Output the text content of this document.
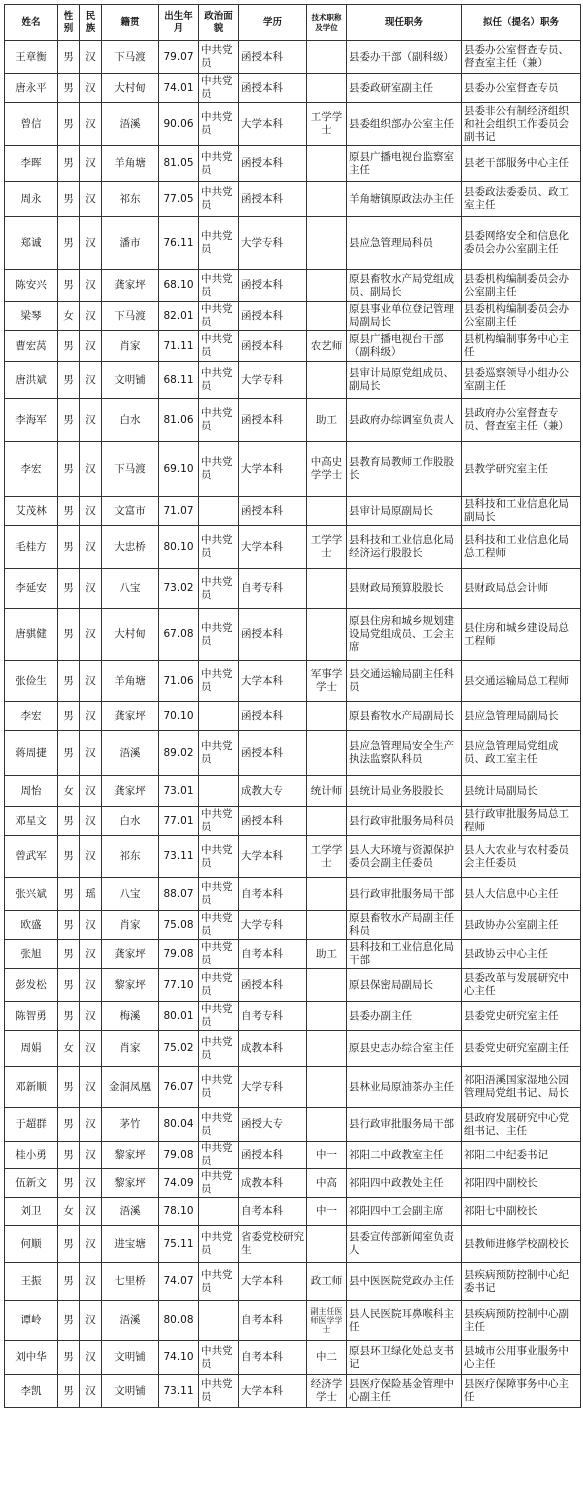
姓名	性别	民族	籍贯	出生年月	政治面貌	学历	技术职称及学位	现任职务	拟任（提名）职务
王章衡	男	汉	下马渡	79.07	中共党员	函授本科		县委办干部（副科级）	县委办公室督查专员、督查室主任（兼）
唐永平	男	汉	大村甸	74.01	中共党员	函授本科		县委政研室副主任	县委办公室督查专员
曾信	男	汉	浯溪	90.06	中共党员	大学本科	工学学士	县委组织部办公室主任	县委非公有制经济组织和社会组织工作委员会副书记
李晖	男	汉	羊角塘	81.05	中共党员	函授本科		原县广播电视台监察室主任	县老干部服务中心主任
周永	男	汉	祁东	77.05	中共党员	函授本科		羊角塘镇原政法办主任	县委政法委委员、政工室主任
郑诚	男	汉	潘市	76.11	中共党员	大学专科		县应急管理局科员	县委网络安全和信息化委员会办公室副主任
陈安兴	男	汉	龚家坪	68.10	中共党员	函授本科		原县畜牧水产局党组成员、副局长	县委机构编制委员会办公室副主任
梁琴	女	汉	下马渡	82.01	中共党员	函授本科		原县事业单位登记管理局副局长	县委机构编制委员会办公室副主任
曹宏莴	男	汉	肖家	71.11	中共党员	函授本科	农艺师	原县广播电视台干部（副科级）	县机构编制事务中心主任
唐洪斌	男	汉	文明铺	68.11	中共党员	大学专科		县审计局原党组成员、副局长	县委巡察领导小组办公室副主任
李海军	男	汉	白水	81.06	中共党员	函授本科	助工	县政府办综调室负责人	县政府办公室督查专员、督查室主任（兼）
李宏	男	汉	下马渡	69.10	中共党员	大学本科	中高史学学士	县教育局教师工作股股长	县教学研究室主任
艾茂林	男	汉	文富市	71.07		函授本科		县审计局原副局长	县科技和工业信息化局副局长
毛桂方	男	汉	大忠桥	80.10	中共党员	大学本科	工学学士	县科技和工业信息化局经济运行股股长	县科技和工业信息化局总工程师
李延安	男	汉	八宝	73.02	中共党员	自考专科		县财政局预算股股长	县财政局总会计师
唐骐健	男	汉	大村甸	67.08	中共党员	函授本科		原县住房和城乡规划建设局党组成员、工会主席	县住房和城乡建设局总工程师
张俭生	男	汉	羊角塘	71.06	中共党员	大学本科	军事学学士	县交通运输局副主任科员	县交通运输局总工程师
李宏	男	汉	龚家坪	70.10		函授本科		原县畜牧水产局副局长	县应急管理局副局长
蒋周捷	男	汉	浯溪	89.02	中共党员	函授本科		县应急管理局安全生产执法监察队科员	县应急管理局党组成员、政工室主任
周怡	女	汉	龚家坪	73.01		成教大专	统计师	县统计局业务股股长	县统计局副局长
邓星文	男	汉	白水	77.01	中共党员	函授本科		县行政审批服务局科员	县行政审批服务局总工程师
曾武军	男	汉	祁东	73.11	中共党员	大学本科	工学学士	县人大环境与资源保护委员会副主任委员	县人大农业与农村委员会主任委员
张兴斌	男	瑶	八宝	88.07	中共党员	自考本科		县行政审批服务局干部	县人大信息中心主任
欧盛	男	汉	肖家	75.08	中共党员	大学专科		原县畜牧水产局副主任科员	县政协办公室副主任
张旭	男	汉	龚家坪	79.08	中共党员	自考本科	助工	县科技和工业信息化局干部	县政协云中心主任
彭发松	男	汉	黎家坪	77.10	中共党员	函授本科		原县保密局副局长	县委改革与发展研究中心主任
陈智勇	男	汉	梅溪	80.01	中共党员	自考专科		县委办副主任	县委党史研究室主任
周娟	女	汉	肖家	75.02	中共党员	成教本科		原县史志办综合室主任	县委党史研究室副主任
邓新顺	男	汉	金洞凤凰	76.07	中共党员	大学专科		县林业局原油茶办主任	祁阳浯溪国家湿地公园管理局党组书记、局长
于超群	男	汉	茅竹	80.04	中共党员	函授大专		县行政审批服务局干部	县政府发展研究中心党组书记、主任
桂小勇	男	汉	黎家坪	79.08	中共党员	函授本科	中一	祁阳二中政教室主任	祁阳二中纪委书记
伍新文	男	汉	黎家坪	74.09	中共党员	成教本科	中高	祁阳四中政教处主任	祁阳四中副校长
刘卫	女	汉	浯溪	78.10		自考本科	中一	祁阳四中工会副主席	祁阳七中副校长
何顺	男	汉	进宝塘	75.11	中共党员	省委党校研究生		县委宣传部新闻室负责人	县教师进修学校副校长
王振	男	汉	七里桥	74.07	中共党员	大学本科	政工师	县中医医院党政办主任	县疾病预防控制中心纪委书记
谭岭	男	汉	浯溪	80.08		自考本科	副主任医师医学学士	县人民医院耳鼻喉科主任	县疾病预防控制中心副主任
刘中华	男	汉	文明铺	74.10	中共党员	自考本科	中二	原县环卫绿化处总支书记	县城市公用事业服务中心主任
李凯	男	汉	文明铺	73.11	中共党员	大学本科	经济学学士	县医疗保险基金管理中心副主任	县医疗保障事务中心主任
